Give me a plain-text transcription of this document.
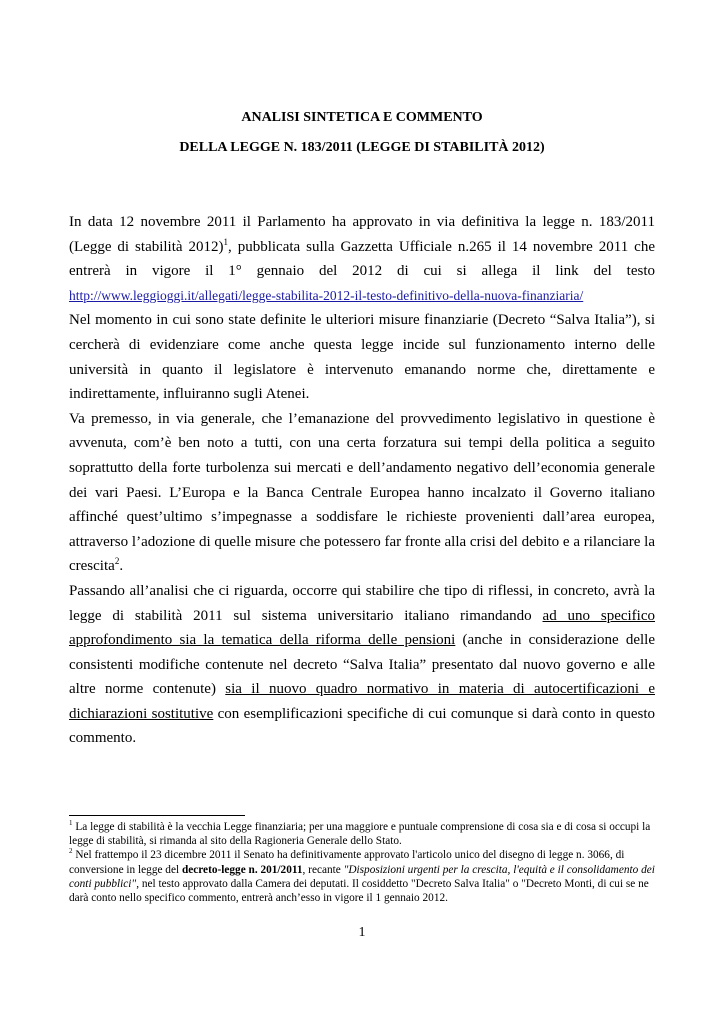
ANALISI SINTETICA E COMMENTO

DELLA LEGGE N. 183/2011 (LEGGE DI STABILITÀ 2012)

In data 12 novembre 2011 il Parlamento ha approvato in via definitiva la legge n. 183/2011 (Legge di stabilità 2012)$^1$, pubblicata sulla Gazzetta Ufficiale n.265 il 14 novembre 2011 che entrerà in vigore il 1° gennaio del 2012 di cui si allega il link del testo http://www.leggioggi.it/allegati/legge-stabilita-2012-il-testo-definitivo-della-nuova-finanziaria/

Nel momento in cui sono state definite le ulteriori misure finanziarie (Decreto “Salva Italia”), si cercherà di evidenziare come anche questa legge incide sul funzionamento interno delle università in quanto il legislatore è intervenuto emanando norme che, direttamente e indirettamente, influiranno sugli Atenei.

Va premesso, in via generale, che l’emanazione del provvedimento legislativo in questione è avvenuta, com’è ben noto a tutti, con una certa forzatura sui tempi della politica a seguito soprattutto della forte turbolenza sui mercati e dell’andamento negativo dell’economia generale dei vari Paesi. L’Europa e la Banca Centrale Europea hanno incalzato il Governo italiano affinché quest’ultimo s’impegnasse a soddisfare le richieste provenienti dall’area europea, attraverso l’adozione di quelle misure che potessero far fronte alla crisi del debito e a rilanciare la crescita$^2$.

Passando all’analisi che ci riguarda, occorre qui stabilire che tipo di riflessi, in concreto, avrà la legge di stabilità 2011 sul sistema universitario italiano rimandando ad uno specifico approfondimento sia la tematica della riforma delle pensioni (anche in considerazione delle consistenti modifiche contenute nel decreto “Salva Italia” presentato dal nuovo governo e alle altre norme contenute) sia il nuovo quadro normativo in materia di autocertificazioni e dichiarazioni sostitutive con esemplificazioni specifiche di cui comunque si darà conto in questo commento.

$^1$ La legge di stabilità è la vecchia Legge finanziaria; per una maggiore e puntuale comprensione di cosa sia e di cosa si occupi la legge di stabilità, si rimanda al sito della Ragioneria Generale dello Stato.

$^2$ Nel frattempo il 23 dicembre 2011 il Senato ha definitivamente approvato l'articolo unico del disegno di legge n. 3066, di conversione in legge del decreto-legge n. 201/2011, recante "Disposizioni urgenti per la crescita, l'equità e il consolidamento dei conti pubblici", nel testo approvato dalla Camera dei deputati. Il cosiddetto "Decreto Salva Italia" o "Decreto Monti, di cui se ne darà conto nello specifico commento, entrerà anch’esso in vigore il 1 gennaio 2012.

1
